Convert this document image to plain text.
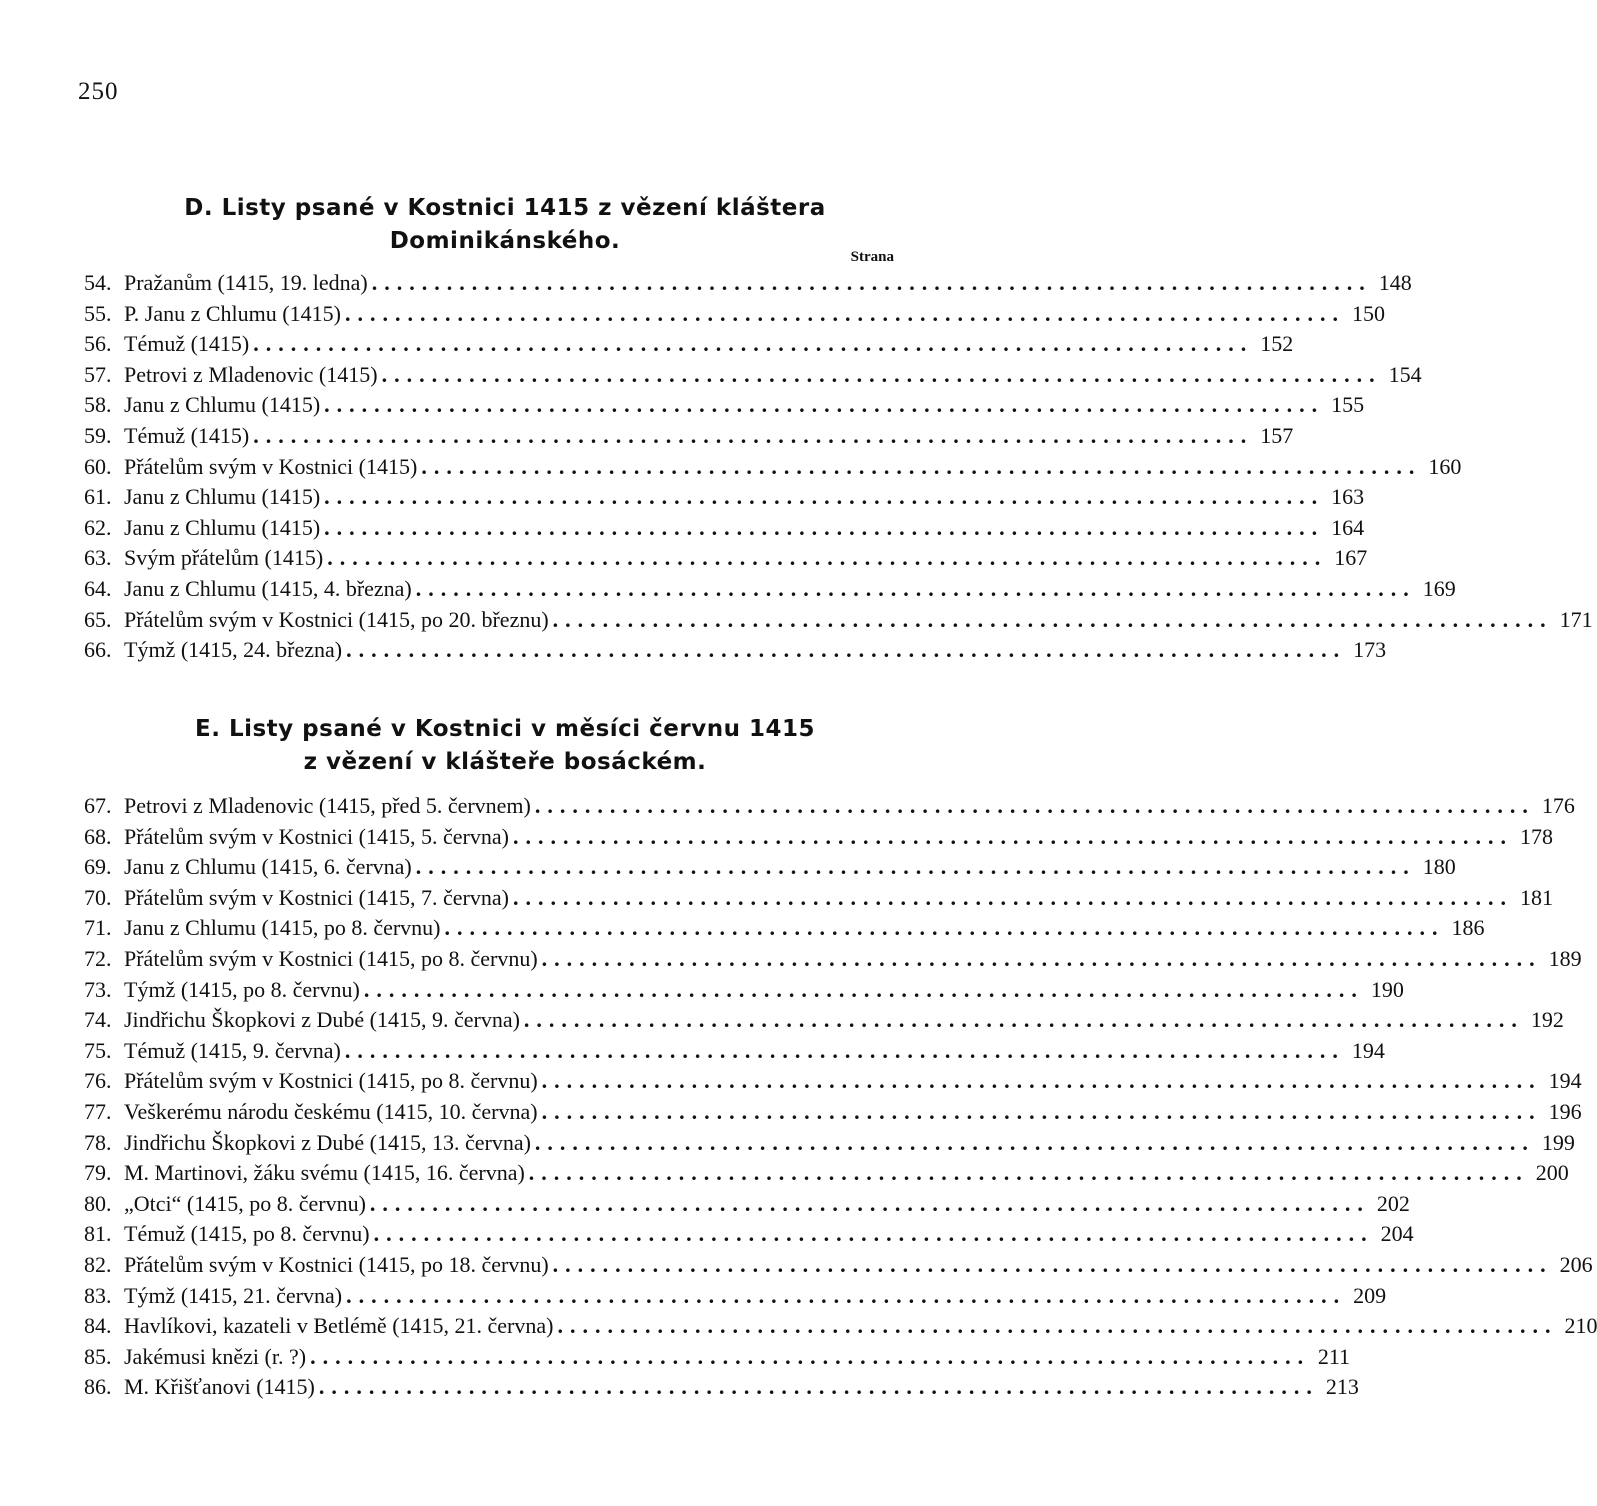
250
D. Listy psané v Kostnici 1415 z vězení kláštera
Dominikánského.
Strana
54. Pražanům (1415, 19. ledna) ................................................................................ 148
55. P. Janu z Chlumu (1415) ................................................................................ 150
56. Témuž (1415) ................................................................................ 152
57. Petrovi z Mladenovic (1415) ................................................................................ 154
58. Janu z Chlumu (1415) ................................................................................ 155
59. Témuž (1415) ................................................................................ 157
60. Přátelům svým v Kostnici (1415) ................................................................................ 160
61. Janu z Chlumu (1415) ................................................................................ 163
62. Janu z Chlumu (1415) ................................................................................ 164
63. Svým přátelům (1415) ................................................................................ 167
64. Janu z Chlumu (1415, 4. března) ................................................................................ 169
65. Přátelům svým v Kostnici (1415, po 20. březnu) ................................................................................ 171
66. Týmž (1415, 24. března) ................................................................................ 173
E. Listy psané v Kostnici v měsíci červnu 1415
z vězení v klášteře bosáckém.
67. Petrovi z Mladenovic (1415, před 5. červnem) ................................................................................ 176
68. Přátelům svým v Kostnici (1415, 5. června) ................................................................................ 178
69. Janu z Chlumu (1415, 6. června) ................................................................................ 180
70. Přátelům svým v Kostnici (1415, 7. června) ................................................................................ 181
71. Janu z Chlumu (1415, po 8. červnu) ................................................................................ 186
72. Přátelům svým v Kostnici (1415, po 8. červnu) ................................................................................ 189
73. Týmž (1415, po 8. červnu) ................................................................................ 190
74. Jindřichu Škopkovi z Dubé (1415, 9. června) ................................................................................ 192
75. Témuž (1415, 9. června) ................................................................................ 194
76. Přátelům svým v Kostnici (1415, po 8. červnu) ................................................................................ 194
77. Veškerému národu českému (1415, 10. června) ................................................................................ 196
78. Jindřichu Škopkovi z Dubé (1415, 13. června) ................................................................................ 199
79. M. Martinovi, žáku svému (1415, 16. června) ................................................................................ 200
80. „Otci“ (1415, po 8. červnu) ................................................................................ 202
81. Témuž (1415, po 8. červnu) ................................................................................ 204
82. Přátelům svým v Kostnici (1415, po 18. červnu) ................................................................................ 206
83. Týmž (1415, 21. června) ................................................................................ 209
84. Havlíkovi, kazateli v Betlémě (1415, 21. června) ................................................................................ 210
85. Jakémusi knězi (r. ?) ................................................................................ 211
86. M. Křišťanovi (1415) ................................................................................ 213
